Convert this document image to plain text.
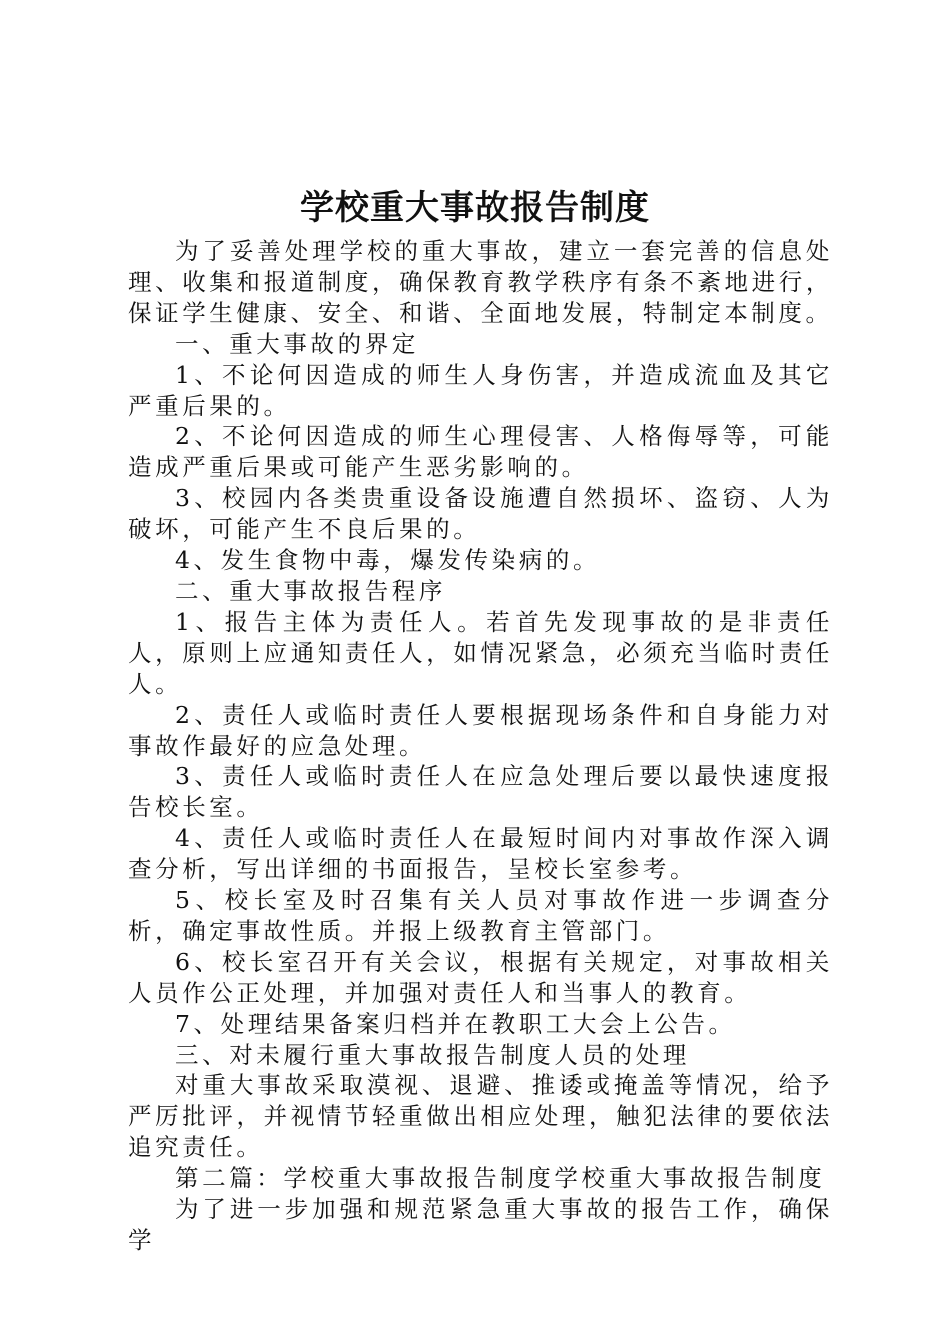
学校重大事故报告制度

为了妥善处理学校的重大事故，建立一套完善的信息处理、收集和报道制度，确保教育教学秩序有条不紊地进行，保证学生健康、安全、和谐、全面地发展，特制定本制度。

一、重大事故的界定

1、不论何因造成的师生人身伤害，并造成流血及其它严重后果的。

2、不论何因造成的师生心理侵害、人格侮辱等，可能造成严重后果或可能产生恶劣影响的。

3、校园内各类贵重设备设施遭自然损坏、盗窃、人为破坏，可能产生不良后果的。

4、发生食物中毒，爆发传染病的。

二、重大事故报告程序

1、报告主体为责任人。若首先发现事故的是非责任人，原则上应通知责任人，如情况紧急，必须充当临时责任人。

2、责任人或临时责任人要根据现场条件和自身能力对事故作最好的应急处理。

3、责任人或临时责任人在应急处理后要以最快速度报告校长室。

4、责任人或临时责任人在最短时间内对事故作深入调查分析，写出详细的书面报告，呈校长室参考。

5、校长室及时召集有关人员对事故作进一步调查分析，确定事故性质。并报上级教育主管部门。

6、校长室召开有关会议，根据有关规定，对事故相关人员作公正处理，并加强对责任人和当事人的教育。

7、处理结果备案归档并在教职工大会上公告。

三、对未履行重大事故报告制度人员的处理

对重大事故采取漠视、退避、推诿或掩盖等情况，给予严厉批评，并视情节轻重做出相应处理，触犯法律的要依法追究责任。

第二篇：学校重大事故报告制度学校重大事故报告制度

为了进一步加强和规范紧急重大事故的报告工作，确保学
